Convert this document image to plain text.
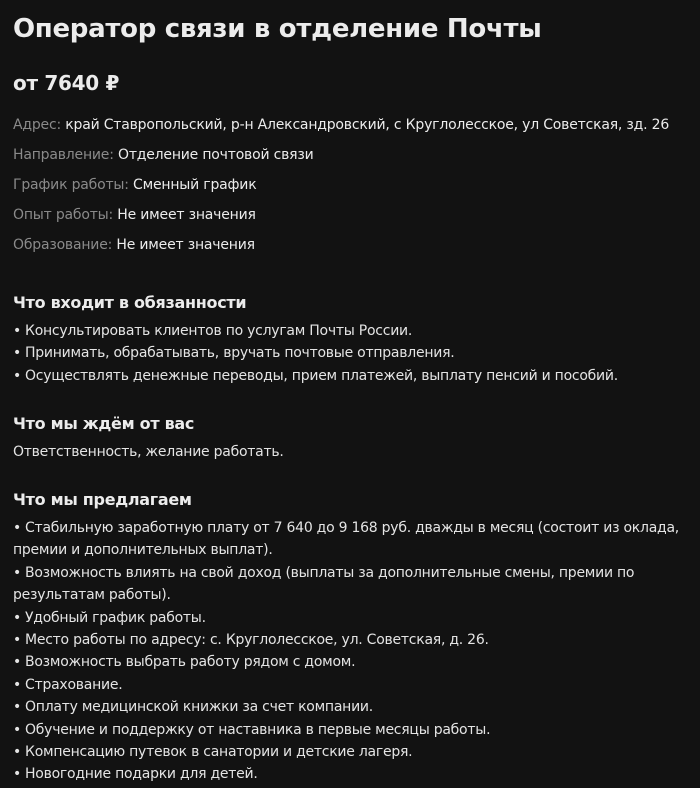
Оператор связи в отделение Почты
от 7640 ₽
Адрес: край Ставропольский, р-н Александровский, с Круглолесское, ул Советская, зд. 26
Направление: Отделение почтовой связи
График работы: Сменный график
Опыт работы: Не имеет значения
Образование: Не имеет значения
Что входит в обязанности
• Консультировать клиентов по услугам Почты России.
• Принимать, обрабатывать, вручать почтовые отправления.
• Осуществлять денежные переводы, прием платежей, выплату пенсий и пособий.
Что мы ждём от вас

Ответственность, желание работать.

Что мы предлагаем
• Стабильную заработную плату от 7 640 до 9 168 руб. дважды в месяц (состоит из оклада, премии и дополнительных выплат).
• Возможность влиять на свой доход (выплаты за дополнительные смены, премии по результатам работы).
• Удобный график работы.
• Место работы по адресу: с. Круглолесское, ул. Советская, д. 26.
• Возможность выбрать работу рядом с домом.
• Страхование.
• Оплату медицинской книжки за счет компании.
• Обучение и поддержку от наставника в первые месяцы работы.
• Компенсацию путевок в санатории и детские лагеря.
• Новогодние подарки для детей.
